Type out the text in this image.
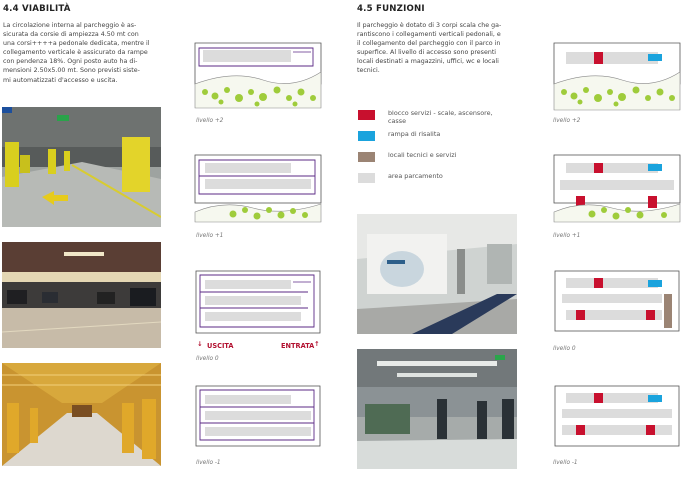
4.4 VIABILITÀ
La circolazione interna al parcheggio è as-
sicurata da corsie di ampiezza 4.50 mt con
una corsi++++a pedonale dedicata, mentre il
collegamento verticale è assicurato da rampe
con pendenza 18%. Ogni posto auto ha di-
mensioni 2.50x5.00 mt. Sono previsti siste-
mi automatizzati d'accesso e uscita.
livello +2
livello +1
↓ USCITA	ENTRATA ↑
livello 0
livello -1
4.5 FUNZIONI
Il parcheggio è dotato di 3 corpi scala che ga-
rantiscono i collegamenti verticali pedonali, e
il collegamento del parcheggio con il parco in
superfice. Al livello di accesso sono presenti
locali destinati a magazzini, uffici, wc e locali
tecnici.
blocco servizi - scale, ascensore, casse
rampa di risalita
locali tecnici e servizi
area parcamento
livello +2
livello +1
livello 0
livello -1
